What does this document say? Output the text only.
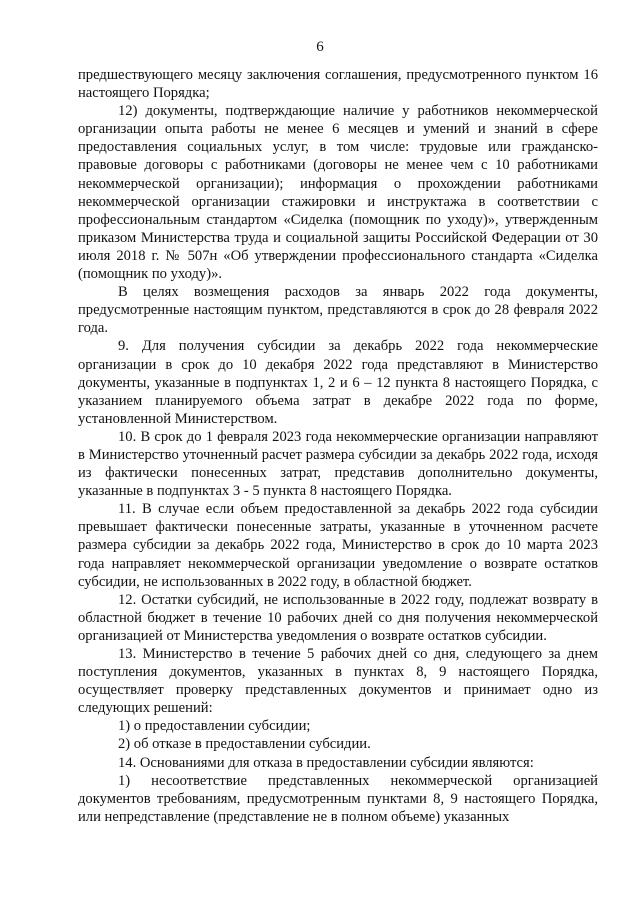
6

предшествующего месяцу заключения соглашения, предусмотренного пунктом 16 настоящего Порядка;

12) документы, подтверждающие наличие у работников некоммерческой организации опыта работы не менее 6 месяцев и умений и знаний в сфере предоставления социальных услуг, в том числе: трудовые или гражданско-правовые договоры с работниками (договоры не менее чем с 10 работниками некоммерческой организации); информация о прохождении работниками некоммерческой организации стажировки и инструктажа в соответствии с профессиональным стандартом «Сиделка (помощник по уходу)», утвержденным приказом Министерства труда и социальной защиты Российской Федерации от 30 июля 2018 г. № 507н «Об утверждении профессионального стандарта «Сиделка (помощник по уходу)».

В целях возмещения расходов за январь 2022 года документы, предусмотренные настоящим пунктом, представляются в срок до 28 февраля 2022 года.

9. Для получения субсидии за декабрь 2022 года некоммерческие организации в срок до 10 декабря 2022 года представляют в Министерство документы, указанные в подпунктах 1, 2 и 6 – 12 пункта 8 настоящего Порядка, с указанием планируемого объема затрат в декабре 2022 года по форме, установленной Министерством.

10. В срок до 1 февраля 2023 года некоммерческие организации направляют в Министерство уточненный расчет размера субсидии за декабрь 2022 года, исходя из фактически понесенных затрат, представив дополнительно документы, указанные в подпунктах 3 - 5 пункта 8 настоящего Порядка.

11. В случае если объем предоставленной за декабрь 2022 года субсидии превышает фактически понесенные затраты, указанные в уточненном расчете размера субсидии за декабрь 2022 года, Министерство в срок до 10 марта 2023 года направляет некоммерческой организации уведомление о возврате остатков субсидии, не использованных в 2022 году, в областной бюджет.

12. Остатки субсидий, не использованные в 2022 году, подлежат возврату в областной бюджет в течение 10 рабочих дней со дня получения некоммерческой организацией от Министерства уведомления о возврате остатков субсидии.

13. Министерство в течение 5 рабочих дней со дня, следующего за днем поступления документов, указанных в пунктах 8, 9 настоящего Порядка, осуществляет проверку представленных документов и принимает одно из следующих решений:

1) о предоставлении субсидии;

2) об отказе в предоставлении субсидии.

14. Основаниями для отказа в предоставлении субсидии являются:

1) несоответствие представленных некоммерческой организацией документов требованиям, предусмотренным пунктами 8, 9 настоящего Порядка, или непредставление (представление не в полном объеме) указанных
